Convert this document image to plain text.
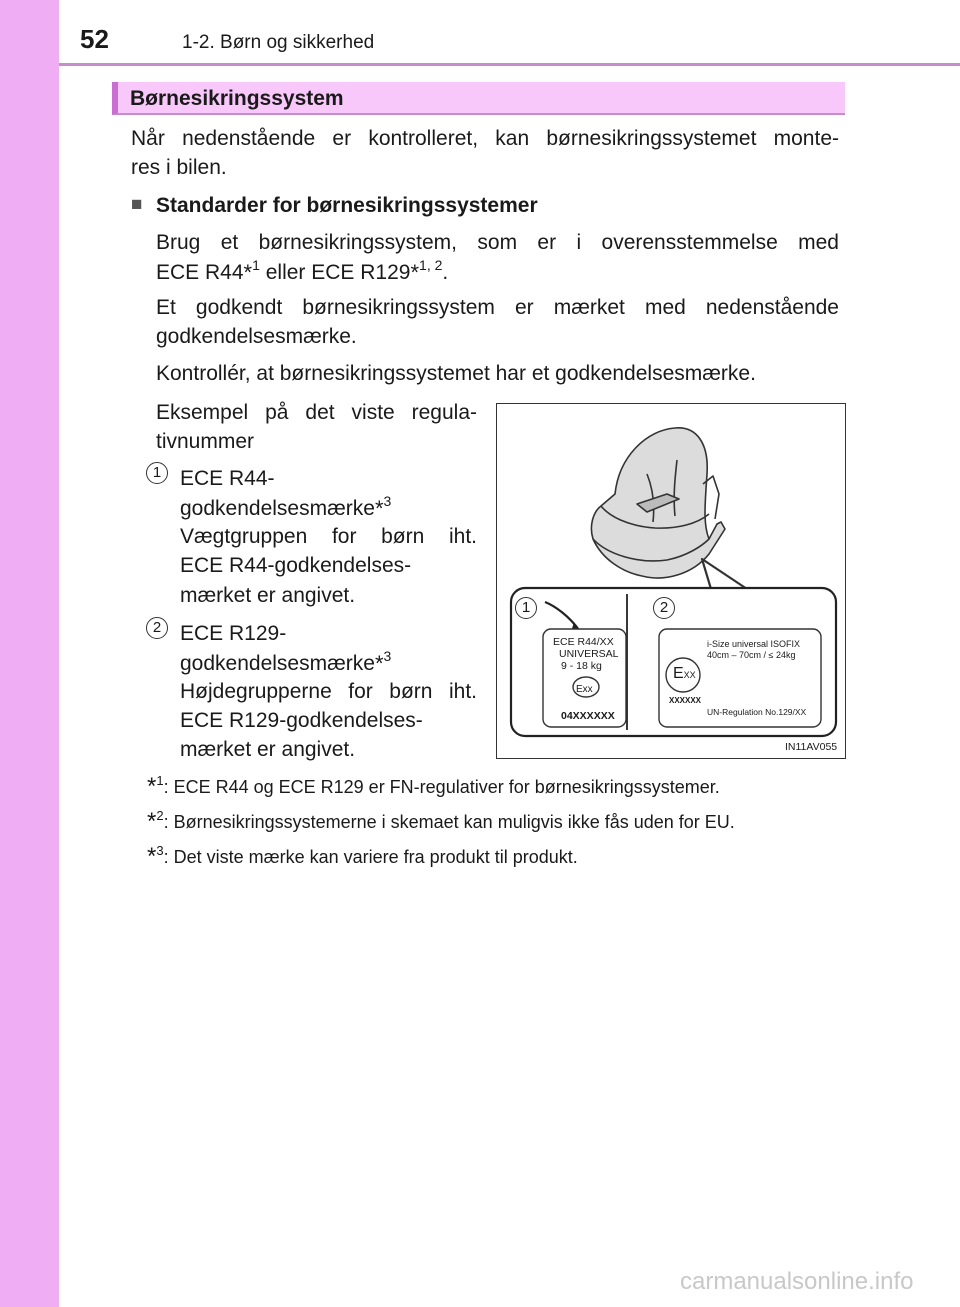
52	1-2. Børn og sikkerhed
Børnesikringssystem
Når nedenstående er kontrolleret, kan børnesikringssystemet monte-
res i bilen.
■ Standarder for børnesikringssystemer
Brug et børnesikringssystem, som er i overensstemmelse med
ECE R44*$^1$ eller ECE R129*$^{1, 2}$.
Et godkendt børnesikringssystem er mærket med nedenstående
godkendelsesmærke.
Kontrollér, at børnesikringssystemet har et godkendelsesmærke.
Eksempel på det viste regula-
tivnummer
1 ECE R44-
godkendelsesmærke*$^3$
Vægtgruppen for børn iht.
ECE R44-godkendelses-
mærket er angivet.
2 ECE R129-
godkendelsesmærke*$^3$
Højdegrupperne for børn iht.
ECE R129-godkendelses-
mærket er angivet.
1	2
ECE R44/XX
UNIVERSAL
9 - 18 kg
Exx
04XXXXXX
i-Size universal ISOFIX
40cm – 70cm / ≤ 24kg
EXX
XXXXXX
UN-Regulation No.129/XX
IN11AV055
*$^1$: ECE R44 og ECE R129 er FN-regulativer for børnesikringssystemer.
*$^2$: Børnesikringssystemerne i skemaet kan muligvis ikke fås uden for EU.
*$^3$: Det viste mærke kan variere fra produkt til produkt.
carmanualsonline.info
